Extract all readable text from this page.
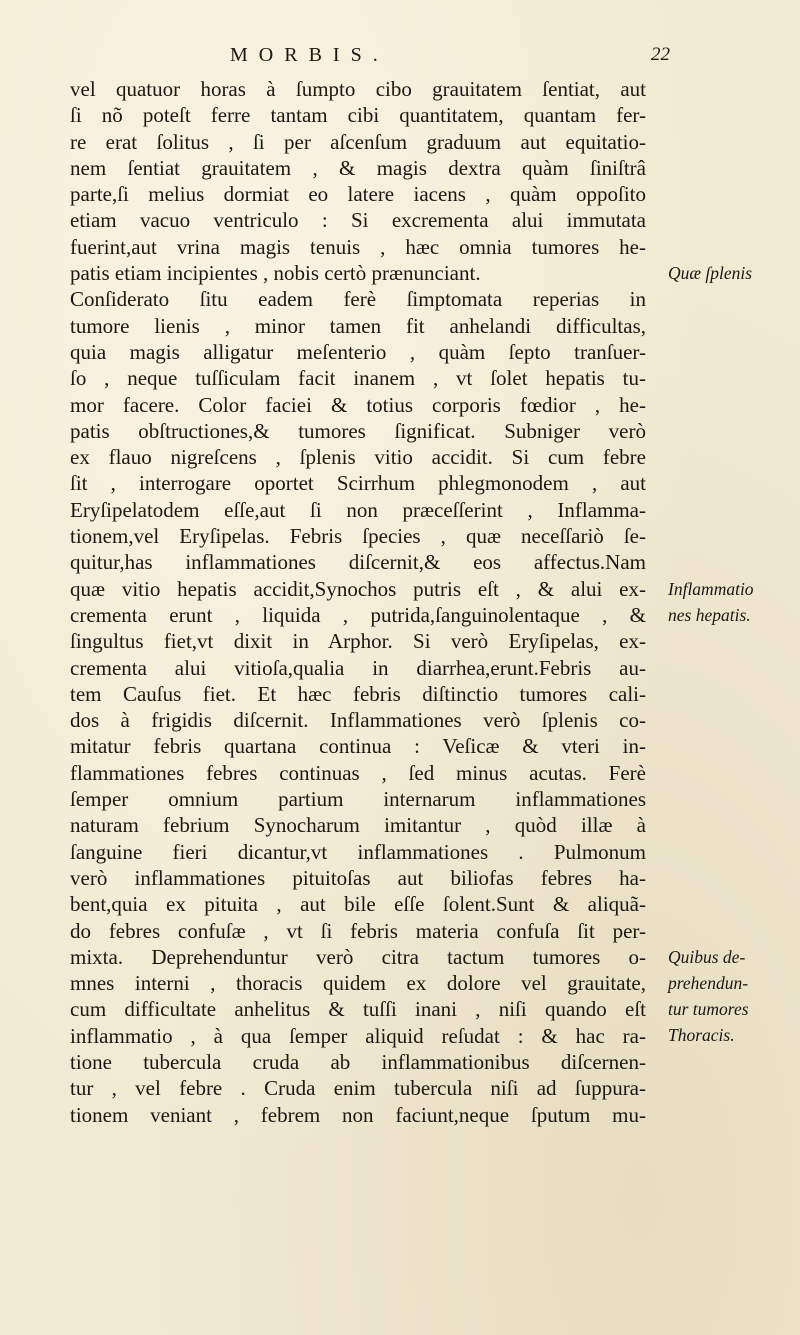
MORBIS.	22
vel quatuor horas à ſumpto cibo grauitatem ſentiat, aut
ſi nõ poteſt ferre tantam cibi quantitatem, quantam fer-
re erat ſolitus , ſi per aſcenſum graduum aut equitatio-
nem ſentiat grauitatem , & magis dextra quàm ſiniſtrâ
parte,ſi melius dormiat eo latere iacens , quàm oppoſito
etiam vacuo ventriculo : Si excrementa alui immutata
fuerint,aut vrina magis tenuis , hæc omnia tumores he-
patis etiam incipientes , nobis certò prænunciant.
Conſiderato ſitu eadem ferè ſimptomata reperias in
tumore lienis , minor tamen fit anhelandi difficultas,
quia magis alligatur meſenterio , quàm ſepto tranſuer-
ſo , neque tuſſiculam facit inanem , vt ſolet hepatis tu-
mor facere. Color faciei & totius corporis fœdior , he-
patis obſtructiones,& tumores ſignificat. Subniger verò
ex flauo nigreſcens , ſplenis vitio accidit. Si cum febre
ſit , interrogare oportet Scirrhum phlegmonodem , aut
Eryſipelatodem eſſe,aut ſi non præceſſerint , Inflamma-
tionem,vel Eryſipelas. Febris ſpecies , quæ neceſſariò ſe-
quitur,has inflammationes diſcernit,& eos affectus.Nam
quæ vitio hepatis accidit,Synochos putris eſt , & alui ex-
crementa erunt , liquida , putrida,ſanguinolentaque , &
ſingultus fiet,vt dixit in Arphor. Si verò Eryſipelas, ex-
crementa alui vitioſa,qualia in diarrhea,erunt.Febris au-
tem Cauſus fiet. Et hæc febris diſtinctio tumores cali-
dos à frigidis diſcernit. Inflammationes verò ſplenis co-
mitatur febris quartana continua : Veſicæ & vteri in-
flammationes febres continuas , ſed minus acutas. Ferè
ſemper omnium partium internarum inflammationes
naturam febrium Synocharum imitantur , quòd illæ à
ſanguine fieri dicantur,vt inflammationes . Pulmonum
verò inflammationes pituitoſas aut biliofas febres ha-
bent,quia ex pituita , aut bile eſſe ſolent.Sunt & aliquã-
do febres confuſæ , vt ſi febris materia confuſa ſit per-
mixta. Deprehenduntur verò citra tactum tumores o-
mnes interni , thoracis quidem ex dolore vel grauitate,
cum difficultate anhelitus & tuſſi inani , niſi quando eſt
inflammatio , à qua ſemper aliquid reſudat : & hac ra-
tione tubercula cruda ab inflammationibus diſcernen-
tur , vel febre . Cruda enim tubercula niſi ad ſuppura-
tionem veniant , febrem non faciunt,neque ſputum mu-
Quæ ſplenis
Inflammatio
nes hepatis.
Quibus de-
prehendun-
tur tumores
Thoracis.
